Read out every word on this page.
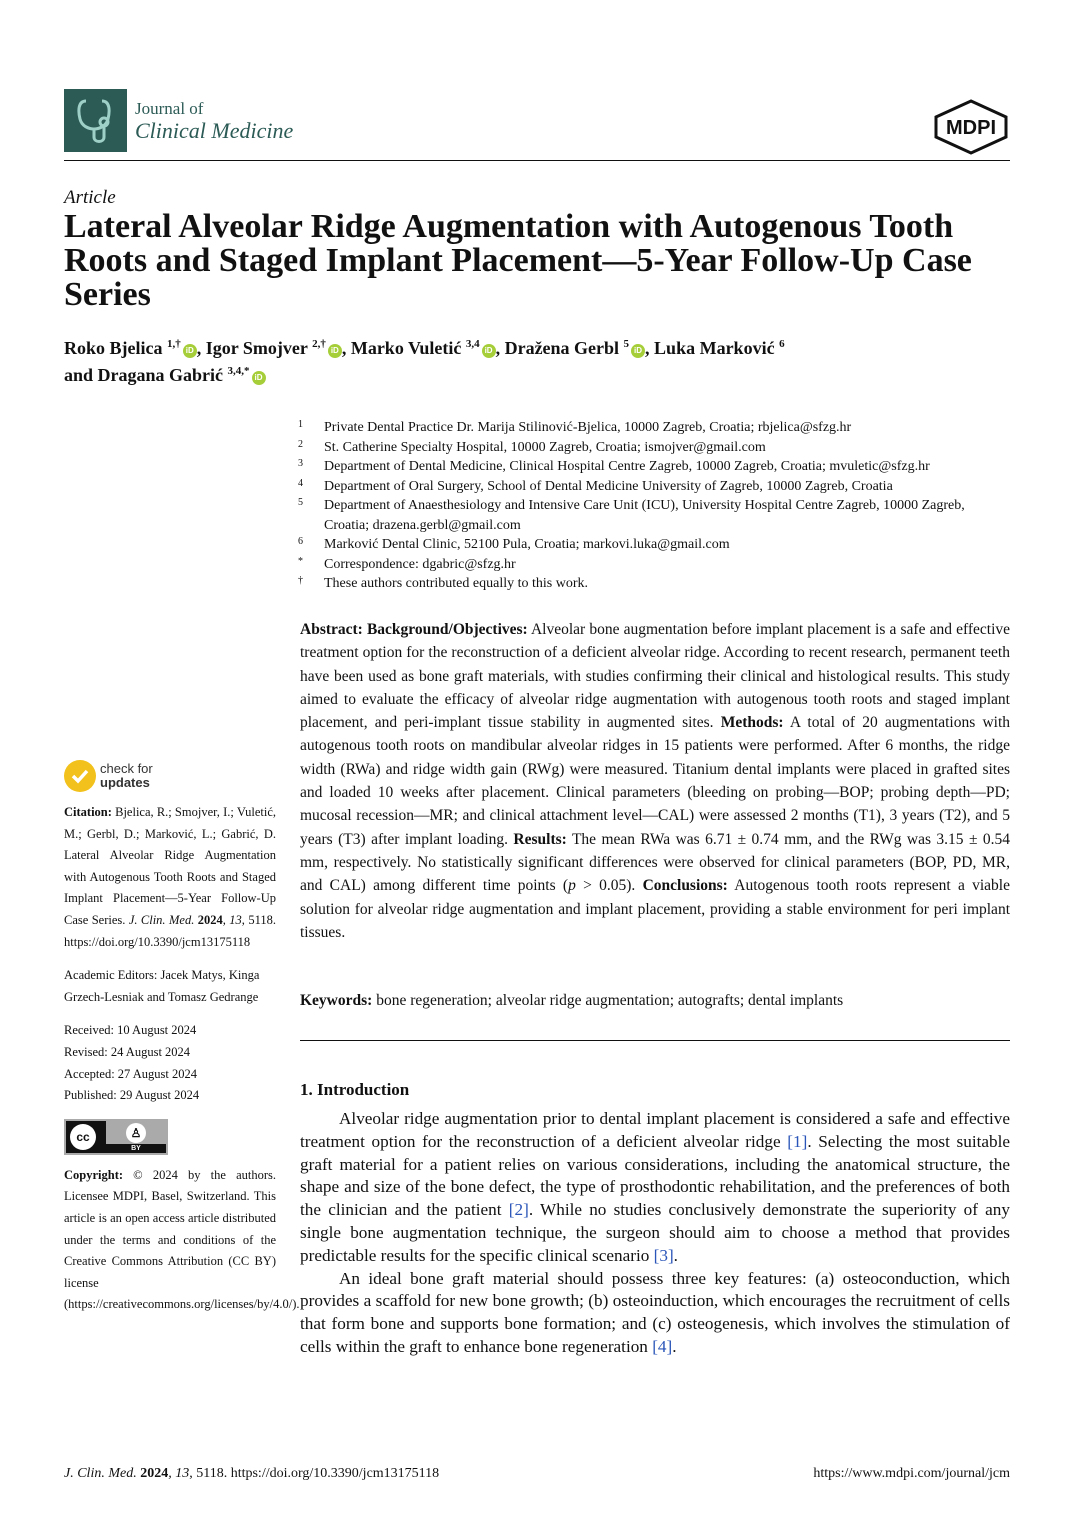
Journal of
Clinical Medicine	MDPI
Article
Lateral Alveolar Ridge Augmentation with Autogenous Tooth Roots and Staged Implant Placement—5-Year Follow-Up Case Series
Roko Bjelica $^{1,\dagger}$iD , Igor Smojver $^{2,\dagger}$iD , Marko Vuletić $^{3,4}$iD , Dražena Gerbl $^5$iD , Luka Marković $^6$
and Dragana Gabrić $^{3,4,*}$iD
1 Private Dental Practice Dr. Marija Stilinović-Bjelica, 10000 Zagreb, Croatia; rbjelica@sfzg.hr
2 St. Catherine Specialty Hospital, 10000 Zagreb, Croatia; ismojver@gmail.com
3 Department of Dental Medicine, Clinical Hospital Centre Zagreb, 10000 Zagreb, Croatia; mvuletic@sfzg.hr
4 Department of Oral Surgery, School of Dental Medicine University of Zagreb, 10000 Zagreb, Croatia
5 Department of Anaesthesiology and Intensive Care Unit (ICU), University Hospital Centre Zagreb, 10000 Zagreb, Croatia; drazena.gerbl@gmail.com
6 Marković Dental Clinic, 52100 Pula, Croatia; markovi.luka@gmail.com
* Correspondence: dgabric@sfzg.hr
† These authors contributed equally to this work.
Abstract: Background/Objectives: Alveolar bone augmentation before implant placement is a safe and effective treatment option for the reconstruction of a deficient alveolar ridge. According to recent research, permanent teeth have been used as bone graft materials, with studies confirming their clinical and histological results. This study aimed to evaluate the efficacy of alveolar ridge augmentation with autogenous tooth roots and staged implant placement, and peri-implant tissue stability in augmented sites. Methods: A total of 20 augmentations with autogenous tooth roots on mandibular alveolar ridges in 15 patients were performed. After 6 months, the ridge width (RWa) and ridge width gain (RWg) were measured. Titanium dental implants were placed in grafted sites and loaded 10 weeks after placement. Clinical parameters (bleeding on probing—BOP; probing depth—PD; mucosal recession—MR; and clinical attachment level—CAL) were assessed 2 months (T1), 3 years (T2), and 5 years (T3) after implant loading. Results: The mean RWa was 6.71 ± 0.74 mm, and the RWg was 3.15 ± 0.54 mm, respectively. No statistically significant differences were observed for clinical parameters (BOP, PD, MR, and CAL) among different time points (p > 0.05). Conclusions: Autogenous tooth roots represent a viable solution for alveolar ridge augmentation and implant placement, providing a stable environment for peri implant tissues.
Keywords: bone regeneration; alveolar ridge augmentation; autografts; dental implants
1. Introduction

Alveolar ridge augmentation prior to dental implant placement is considered a safe and effective treatment option for the reconstruction of a deficient alveolar ridge [1]. Selecting the most suitable graft material for a patient relies on various considerations, including the anatomical structure, the shape and size of the bone defect, the type of prosthodontic rehabilitation, and the preferences of both the clinician and the patient [2]. While no studies conclusively demonstrate the superiority of any single bone augmentation technique, the surgeon should aim to choose a method that provides predictable results for the specific clinical scenario [3].

An ideal bone graft material should possess three key features: (a) osteoconduction, which provides a scaffold for new bone growth; (b) osteoinduction, which encourages the recruitment of cells that form bone and supports bone formation; and (c) osteogenesis, which involves the stimulation of cells within the graft to enhance bone regeneration [4].

check for
updates
Citation: Bjelica, R.; Smojver, I.; Vuletić, M.; Gerbl, D.; Marković, L.; Gabrić, D. Lateral Alveolar Ridge Augmentation with Autogenous Tooth Roots and Staged Implant Placement—5-Year Follow-Up Case Series. J. Clin. Med. 2024, 13, 5118. https://doi.org/10.3390/jcm13175118
Academic Editors: Jacek Matys, Kinga Grzech-Lesniak and Tomasz Gedrange
Received: 10 August 2024
Revised: 24 August 2024
Accepted: 27 August 2024
Published: 29 August 2024
cc	♙
BY
Copyright: © 2024 by the authors. Licensee MDPI, Basel, Switzerland. This article is an open access article distributed under the terms and conditions of the Creative Commons Attribution (CC BY) license (https://creativecommons.org/licenses/by/4.0/).
J. Clin. Med. 2024, 13, 5118. https://doi.org/10.3390/jcm13175118	https://www.mdpi.com/journal/jcm
